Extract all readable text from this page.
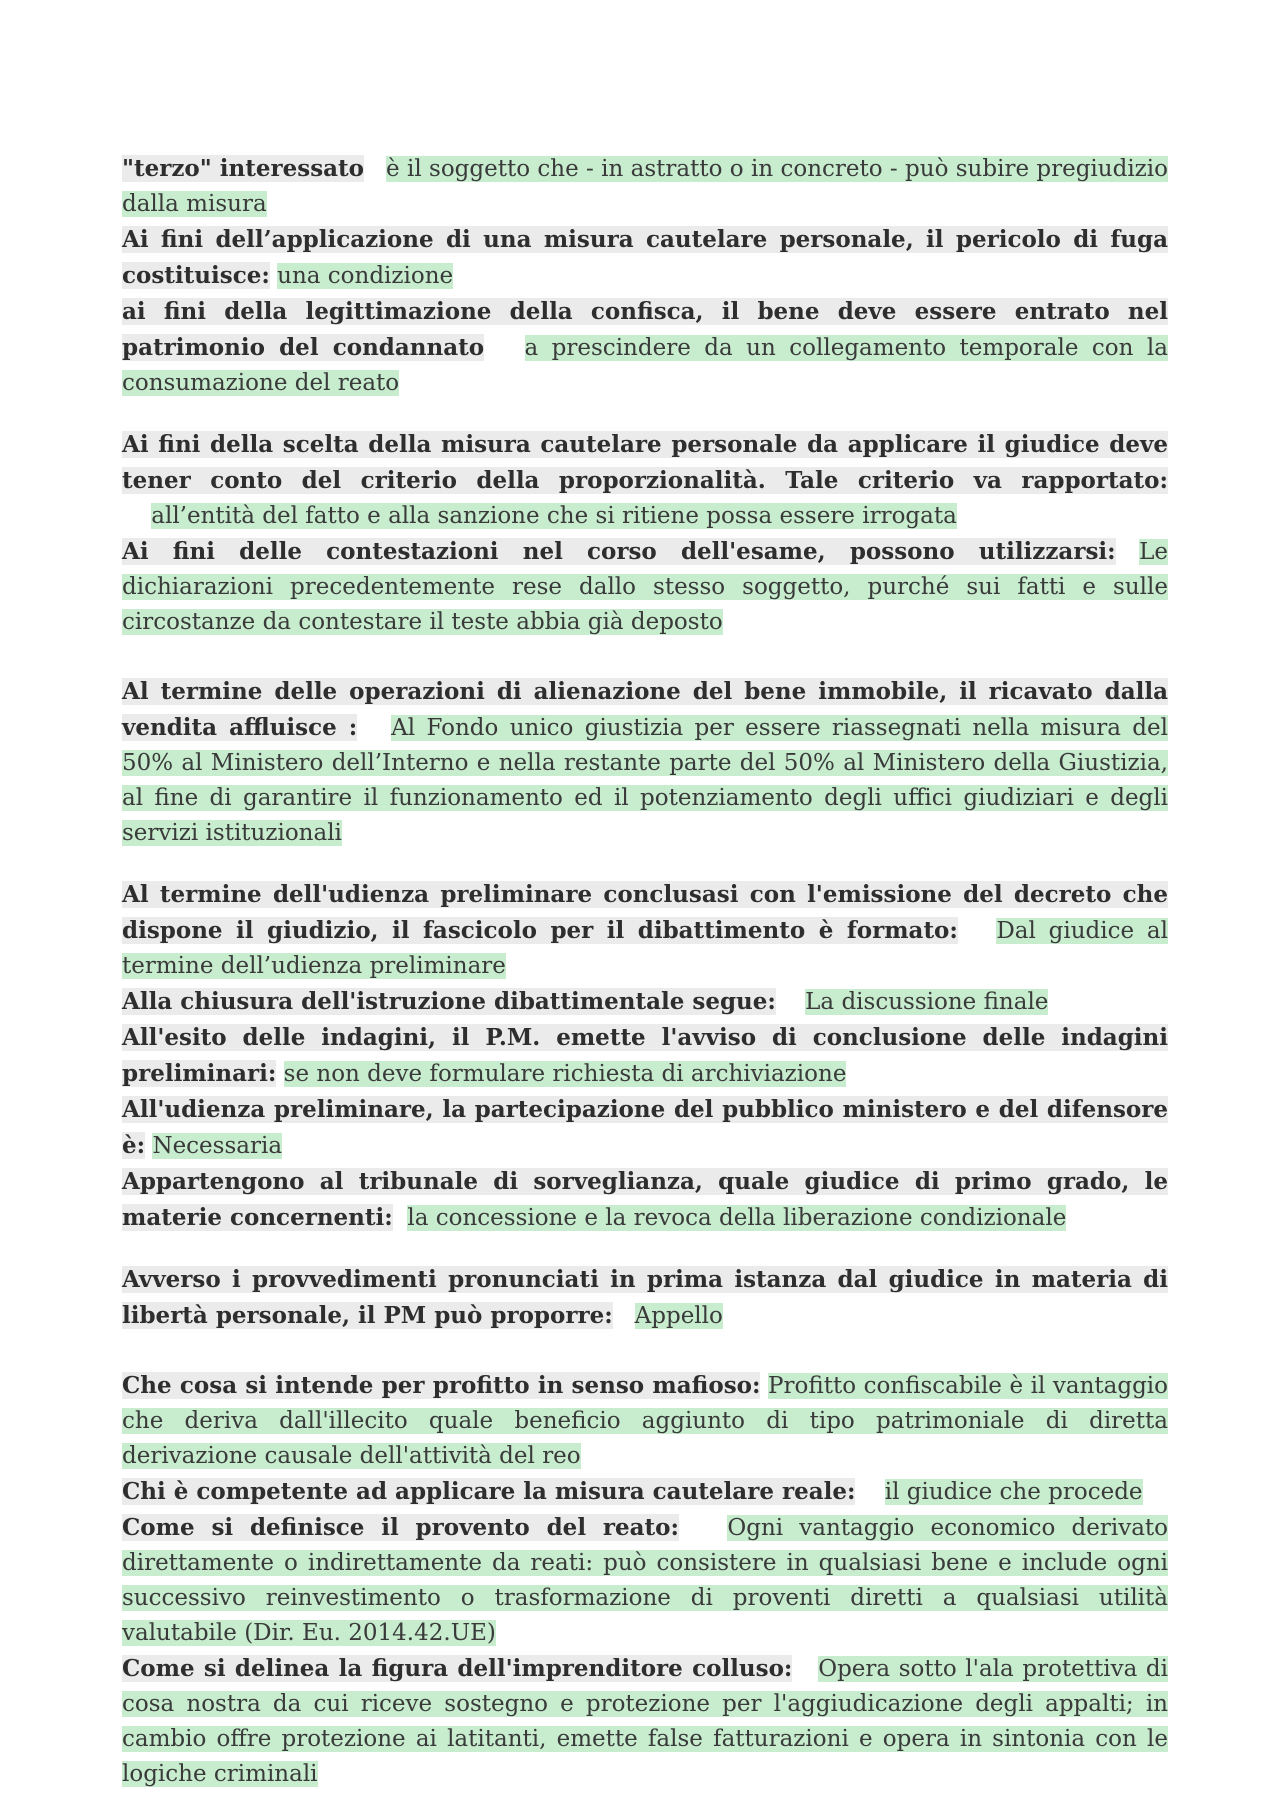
"terzo" interessato è il soggetto che - in astratto o in concreto - può subire pregiudizio dalla misura

Ai fini dell’applicazione di una misura cautelare personale, il pericolo di fuga costituisce: una condizione

ai fini della legittimazione della confisca, il bene deve essere entrato nel patrimonio del condannato a prescindere da un collegamento temporale con la consumazione del reato

Ai fini della scelta della misura cautelare personale da applicare il giudice deve tener conto del criterio della proporzionalità. Tale criterio va rapportato:    all’entità del fatto e alla sanzione che si ritiene possa essere irrogata

Ai fini delle contestazioni nel corso dell'esame, possono utilizzarsi: Le dichiarazioni precedentemente rese dallo stesso soggetto, purché sui fatti e sulle circostanze da contestare il teste abbia già deposto

Al termine delle operazioni di alienazione del bene immobile, il ricavato dalla vendita affluisce : Al Fondo unico giustizia per essere riassegnati nella misura del 50% al Ministero dell’Interno e nella restante parte del 50% al Ministero della Giustizia, al fine di garantire il funzionamento ed il potenziamento degli uffici giudiziari e degli servizi istituzionali

Al termine dell'udienza preliminare conclusasi con l'emissione del decreto che dispone il giudizio, il fascicolo per il dibattimento è formato: Dal giudice al termine dell’udienza preliminare

Alla chiusura dell'istruzione dibattimentale segue: La discussione finale

All'esito delle indagini, il P.M. emette l'avviso di conclusione delle indagini preliminari: se non deve formulare richiesta di archiviazione

All'udienza preliminare, la partecipazione del pubblico ministero e del difensore è: Necessaria

Appartengono al tribunale di sorveglianza, quale giudice di primo grado, le materie concernenti: la concessione e la revoca della liberazione condizionale

Avverso i provvedimenti pronunciati in prima istanza dal giudice in materia di libertà personale, il PM può proporre: Appello

Che cosa si intende per profitto in senso mafioso: Profitto confiscabile è il vantaggio che deriva dall'illecito quale beneficio aggiunto di tipo patrimoniale di diretta derivazione causale dell'attività del reo

Chi è competente ad applicare la misura cautelare reale: il giudice che procede

Come si definisce il provento del reato: Ogni vantaggio economico derivato direttamente o indirettamente da reati: può consistere in qualsiasi bene e include ogni successivo reinvestimento o trasformazione di proventi diretti a qualsiasi utilità valutabile (Dir. Eu. 2014.42.UE)

Come si delinea la figura dell'imprenditore colluso: Opera sotto l'ala protettiva di cosa nostra da cui riceve sostegno e protezione per l'aggiudicazione degli appalti; in cambio offre protezione ai latitanti, emette false fatturazioni e opera in sintonia con le logiche criminali
